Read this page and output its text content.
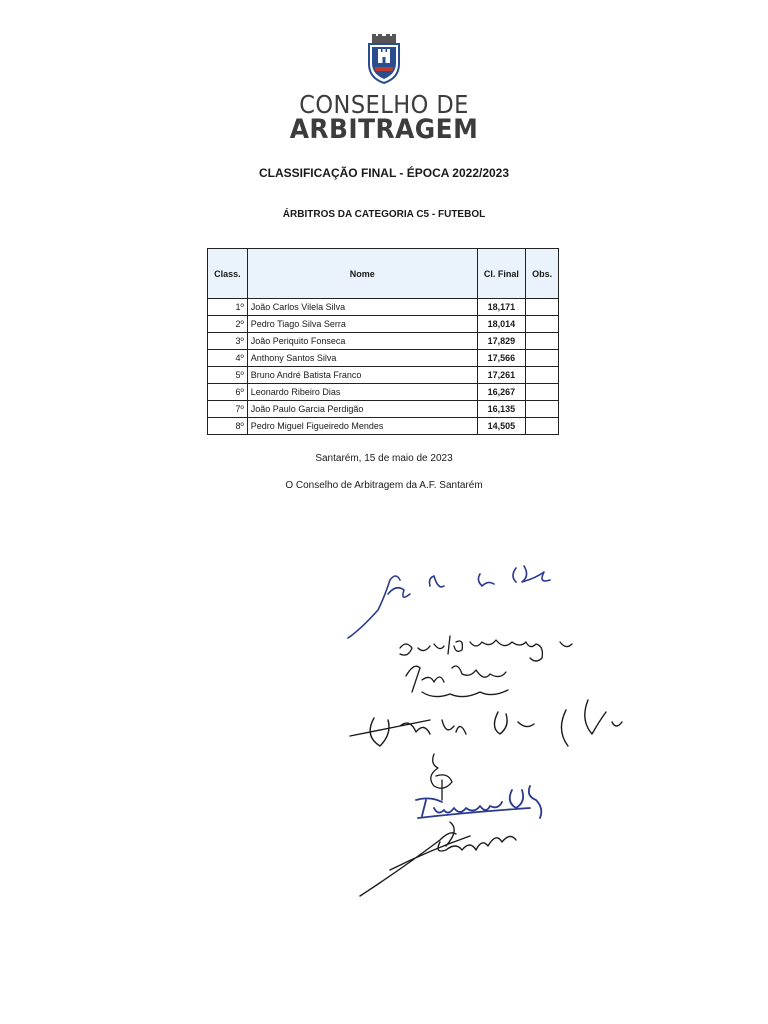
CONSELHO DE
ARBITRAGEM
CLASSIFICAÇÃO FINAL - ÉPOCA 2022/2023
ÁRBITROS DA CATEGORIA C5 - FUTEBOL
Class.	Nome	Cl. Final	Obs.
1º	João Carlos Vilela Silva	18,171	
2º	Pedro Tiago Silva Serra	18,014	
3º	João Periquito Fonseca	17,829	
4º	Anthony Santos Silva	17,566	
5º	Bruno André Batista Franco	17,261	
6º	Leonardo Ribeiro Dias	16,267	
7º	João Paulo Garcia Perdigão	16,135	
8º	Pedro Miguel Figueiredo Mendes	14,505	

Santarém, 15 de maio de 2023

O Conselho de Arbitragem da A.F. Santarém
